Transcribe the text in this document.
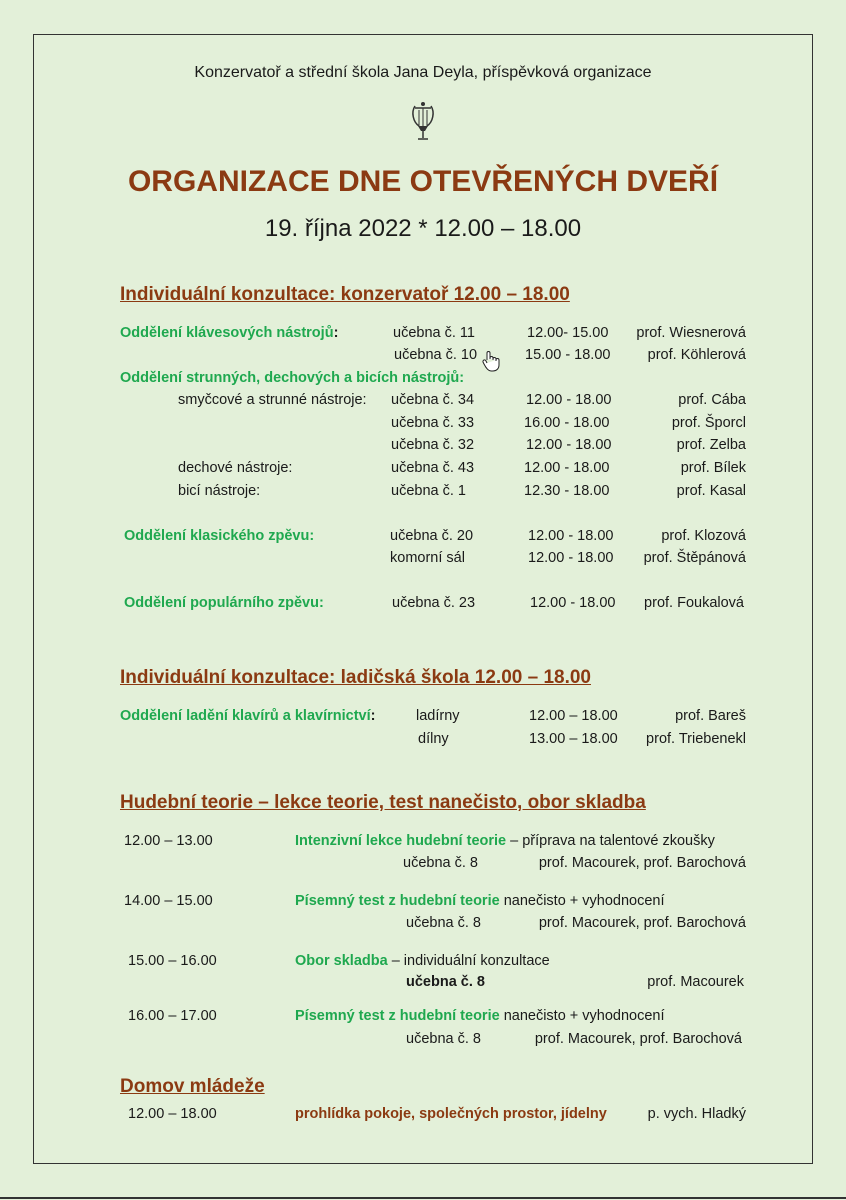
Konzervatoř a střední škola Jana Deyla, příspěvková organizace
ORGANIZACE DNE OTEVŘENÝCH DVEŘÍ
19. října 2022 * 12.00 – 18.00
Individuální konzultace: konzervatoř 12.00 – 18.00
Oddělení klávesových nástrojů:	učebna č. 11	12.00- 15.00 prof. Wiesnerová
učebna č. 10	15.00 - 18.00	prof. Köhlerová
Oddělení strunných, dechových a bicích nástrojů:
smyčcové a strunné nástroje: učebna č. 34	12.00 - 18.00	prof. Cába
učebna č. 33	16.00 - 18.00	prof. Šporcl
učebna č. 32	12.00 - 18.00	prof. Zelba
dechové nástroje:	učebna č. 43	12.00 - 18.00	prof. Bílek
bicí nástroje:	učebna č. 1	12.30 - 18.00	prof. Kasal
Oddělení klasického zpěvu:	učebna č. 20	12.00 - 18.00	prof. Klozová
komorní sál	12.00 - 18.00 prof. Štěpánová
Oddělení populárního zpěvu:	učebna č. 23	12.00 - 18.00 prof. Foukalová
Individuální konzultace: ladičská škola 12.00 – 18.00
Oddělení ladění klavírů a klavírnictví:	ladírny	12.00 – 18.00	prof. Bareš
dílny	13.00 – 18.00 prof. Triebenekl
Hudební teorie – lekce teorie, test nanečisto, obor skladba
12.00 – 13.00	Intenzivní lekce hudební teorie – příprava na talentové zkoušky
učebna č. 8	prof. Macourek, prof. Barochová
14.00 – 15.00	Písemný test z hudební teorie nanečisto + vyhodnocení
učebna č. 8	prof. Macourek, prof. Barochová
15.00 – 16.00	Obor skladba – individuální konzultace
učebna č. 8	prof. Macourek
16.00 – 17.00	Písemný test z hudební teorie nanečisto + vyhodnocení
učebna č. 8	prof. Macourek, prof. Barochová
Domov mládeže
12.00 – 18.00	prohlídka pokoje, společných prostor, jídelny	p. vych. Hladký
